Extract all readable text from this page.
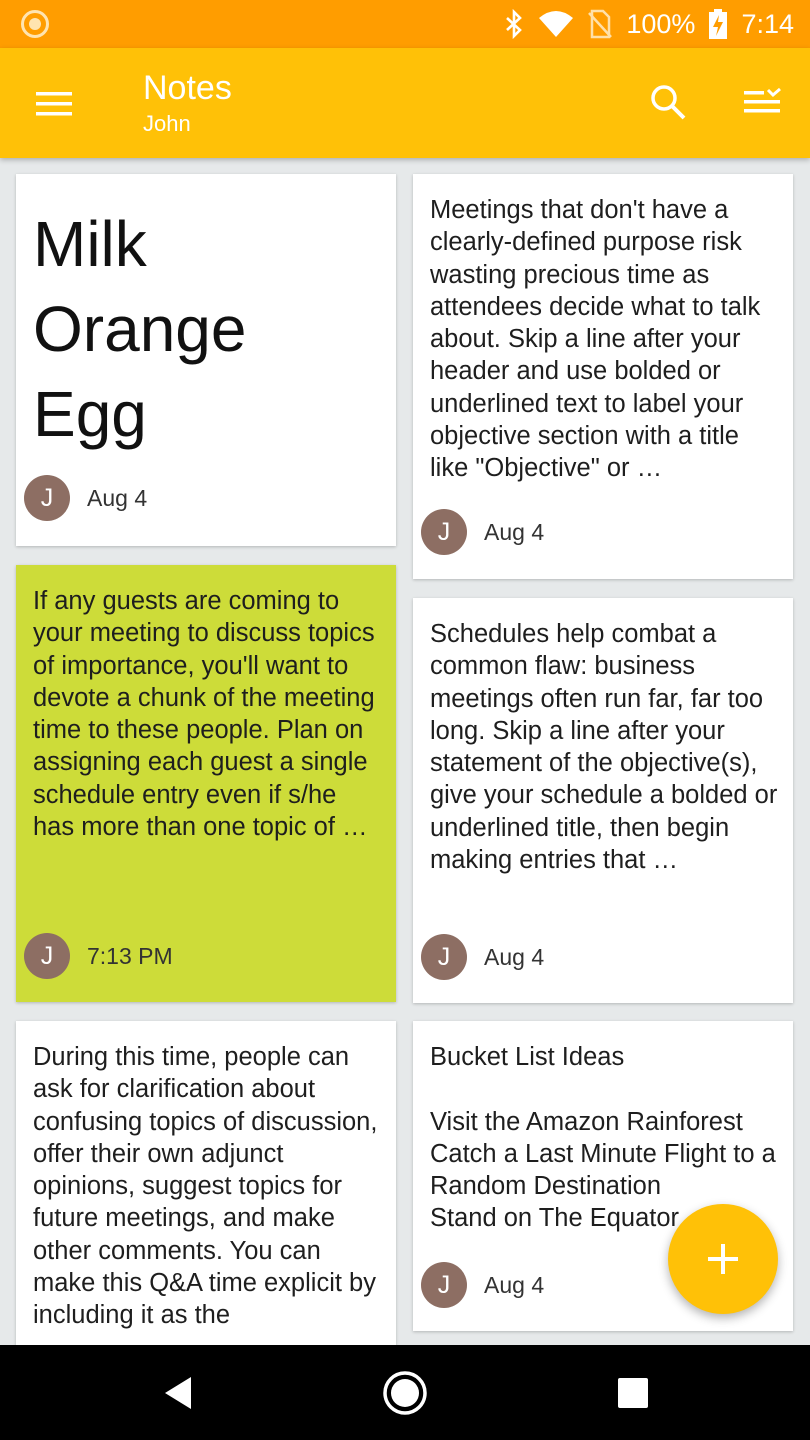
100% 7:14
Notes
John
Milk
Orange
Egg
J	Aug 4
Meetings that don't have a clearly-defined purpose risk wasting precious time as attendees decide what to talk about. Skip a line after your header and use bolded or underlined text to label your objective section with a title like "Objective" or …
J	Aug 4
If any guests are coming to your meeting to discuss topics of importance, you'll want to devote a chunk of the meeting time to these people. Plan on assigning each guest a single schedule entry even if s/he has more than one topic of …
J	7:13 PM
Schedules help combat a common flaw: business meetings often run far, far too long. Skip a line after your statement of the objective(s), give your schedule a bolded or underlined title, then begin making entries that …
J	Aug 4
During this time, people can ask for clarification about confusing topics of discussion, offer their own adjunct opinions, suggest topics for future meetings, and make other comments. You can make this Q&A time explicit by including it as the
Bucket List Ideas

Visit the Amazon Rainforest
Catch a Last Minute Flight to a Random Destination
Stand on The Equator
J	Aug 4
